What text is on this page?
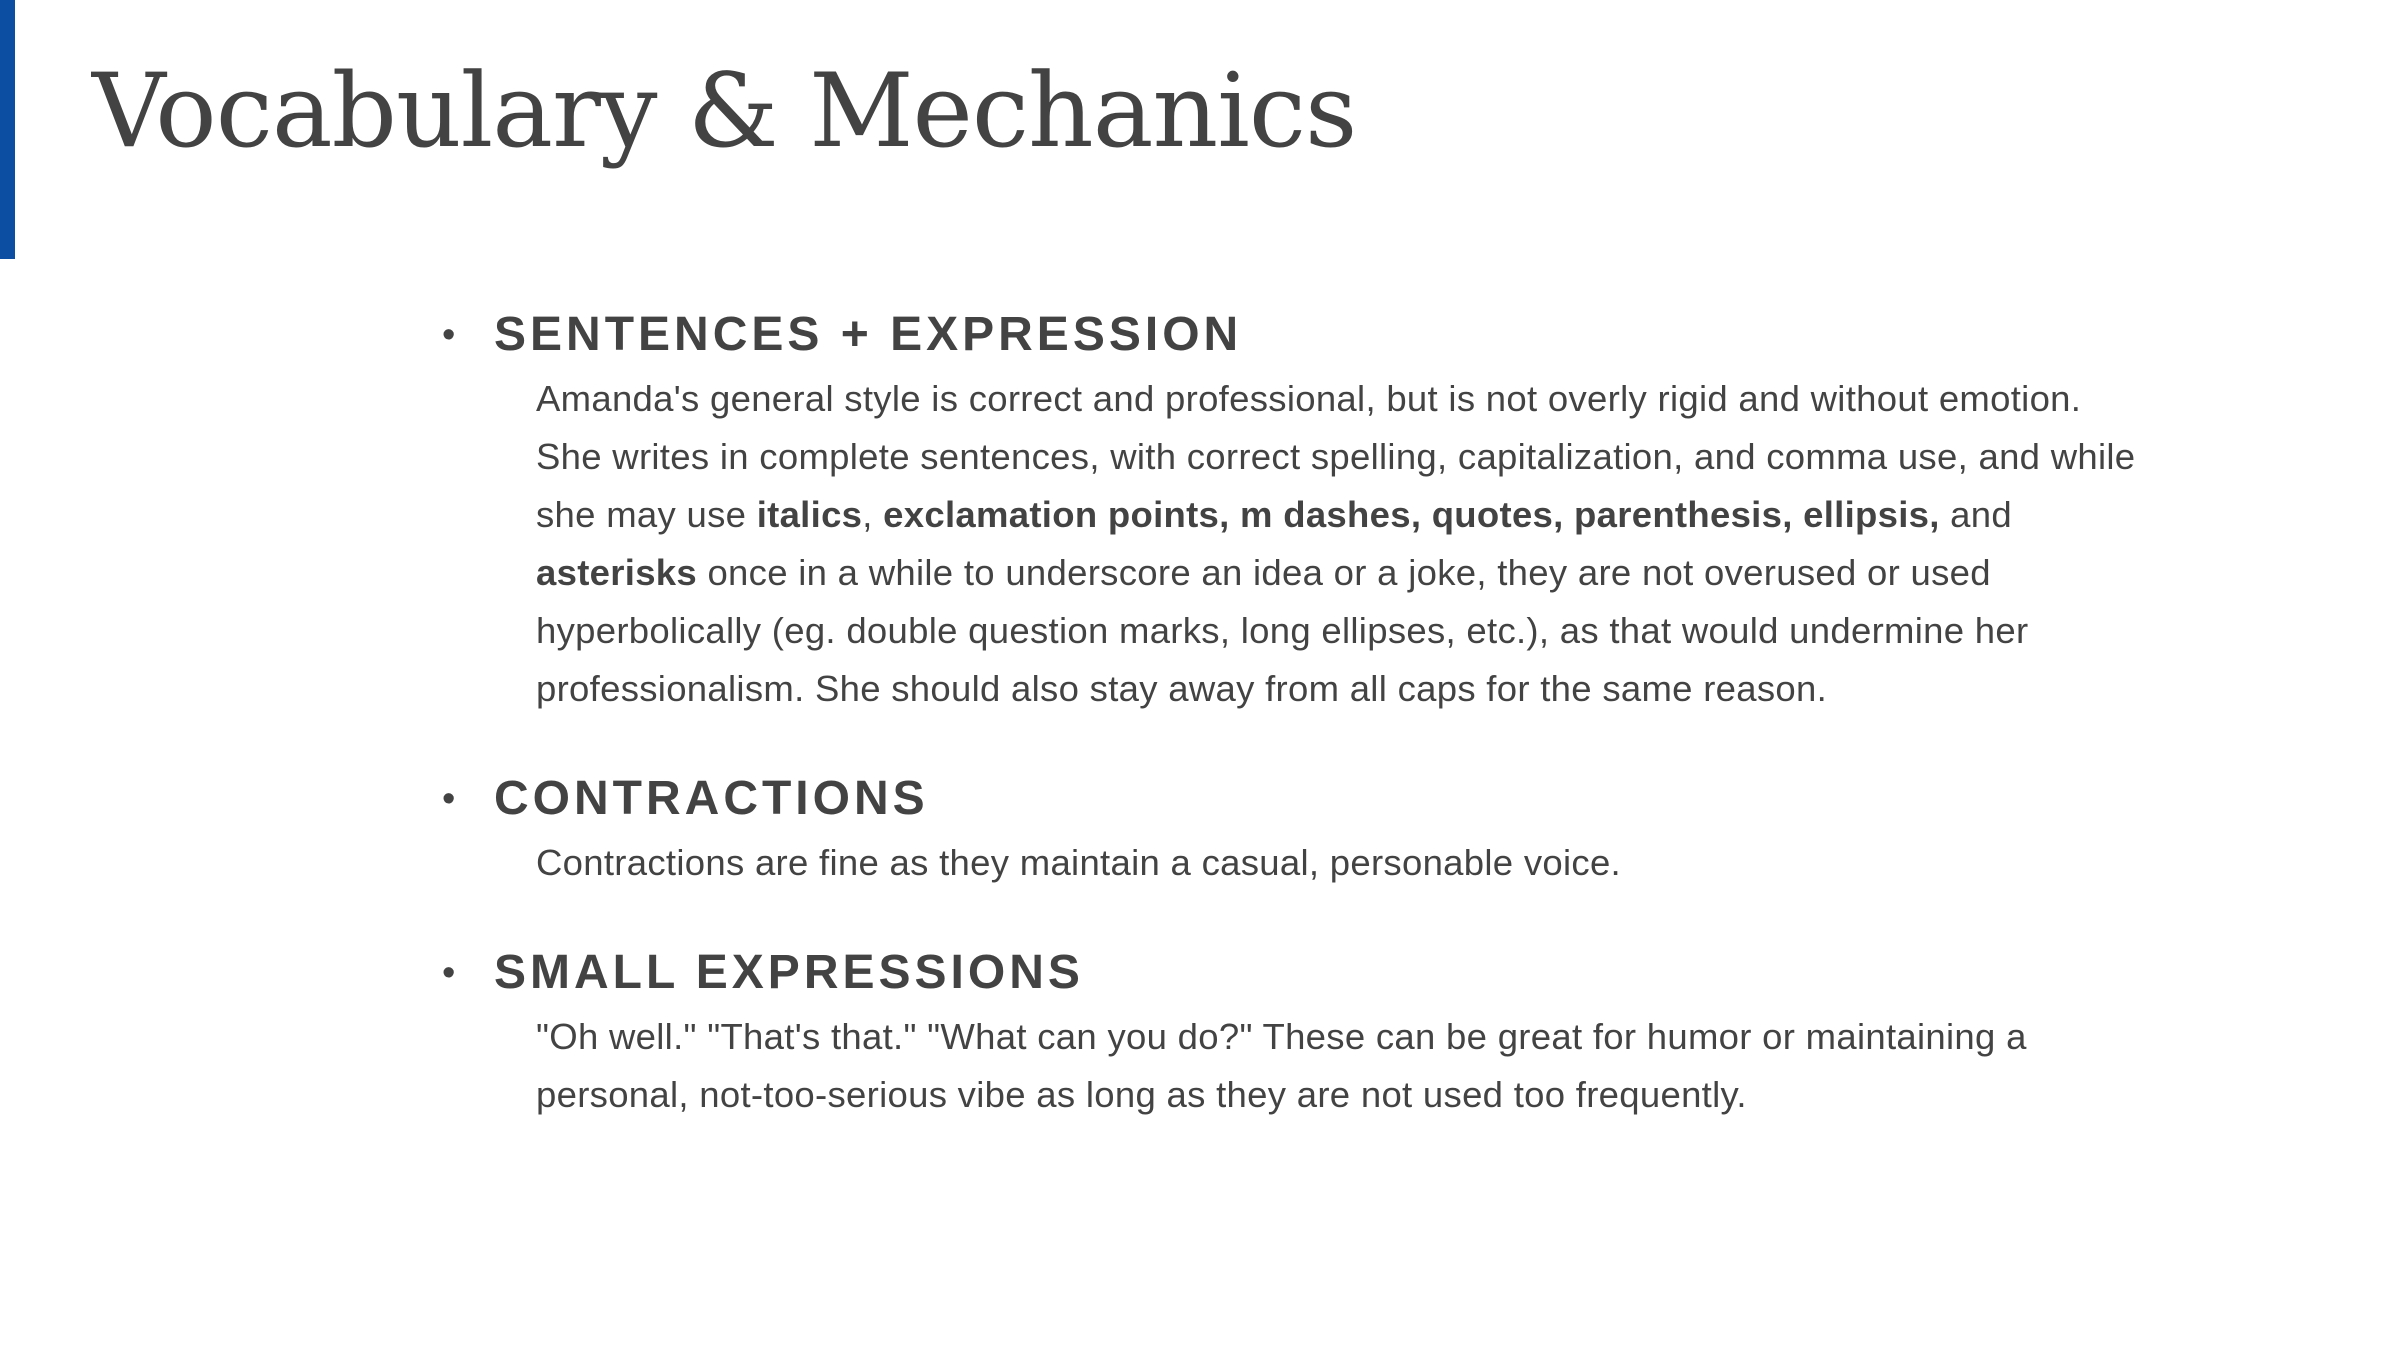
Vocabulary & Mechanics
• SENTENCES + EXPRESSION
Amanda's general style is correct and professional, but is not overly rigid and without emotion. She writes in complete sentences, with correct spelling, capitalization, and comma use, and while she may use italics, exclamation points, m dashes, quotes, parenthesis, ellipsis, and asterisks once in a while to underscore an idea or a joke, they are not overused or used hyperbolically (eg. double question marks, long ellipses, etc.), as that would undermine her professionalism. She should also stay away from all caps for the same reason.
• CONTRACTIONS
Contractions are fine as they maintain a casual, personable voice.
• SMALL EXPRESSIONS
"Oh well." "That's that." "What can you do?" These can be great for humor or maintaining a personal, not-too-serious vibe as long as they are not used too frequently.
